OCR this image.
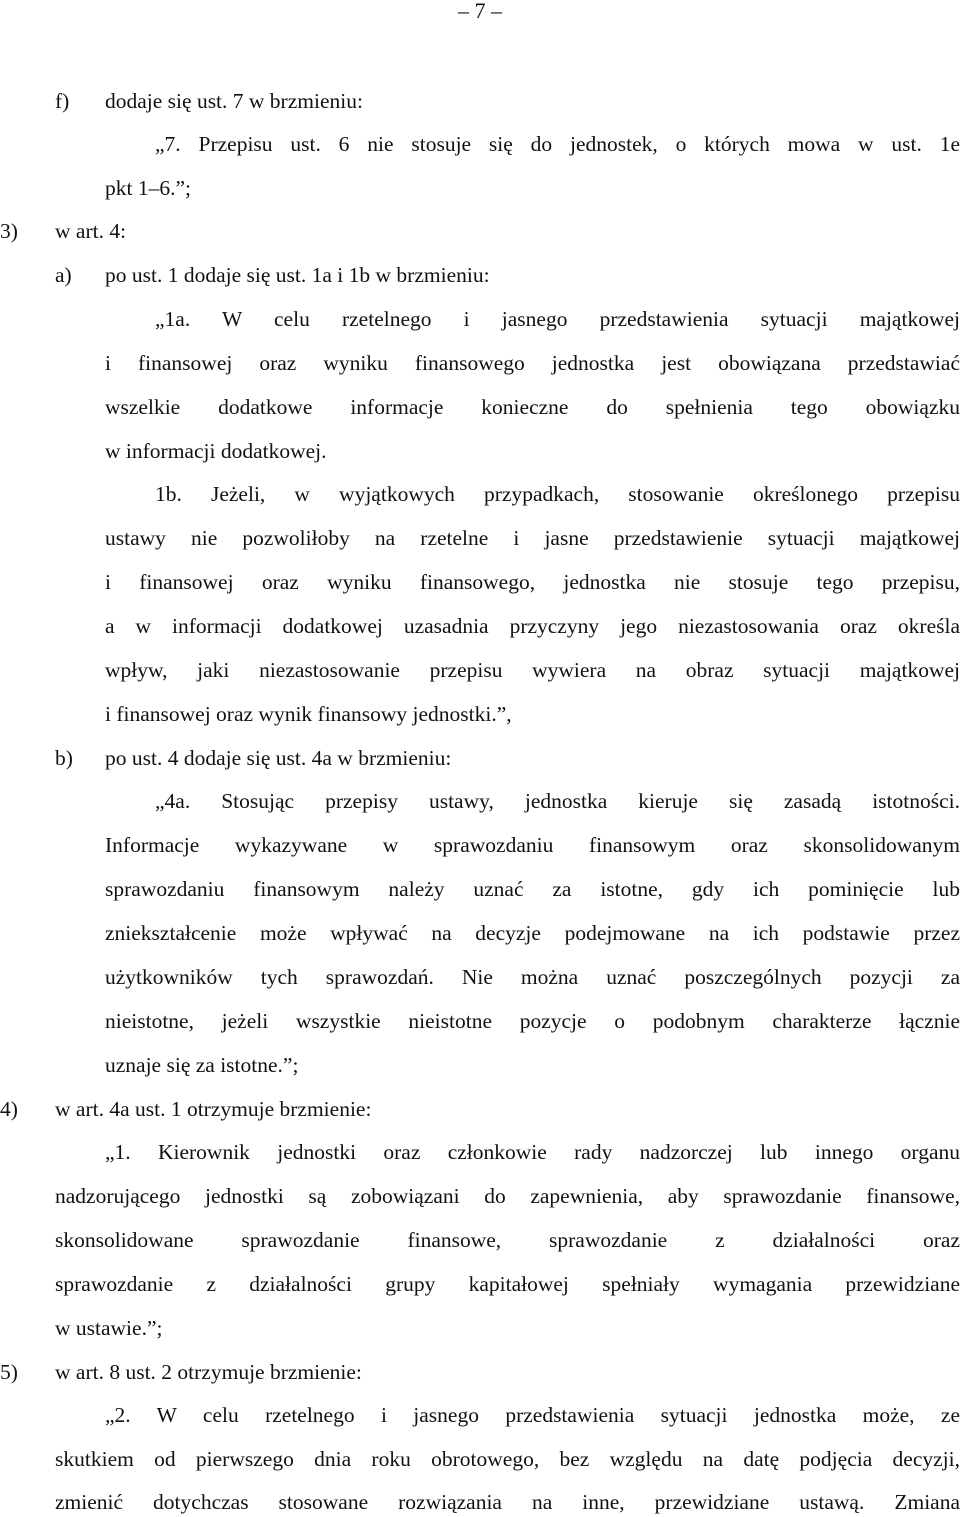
– 7 –
f) dodaje się ust. 7 w brzmieniu:
„7. Przepisu ust. 6 nie stosuje się do jednostek, o których mowa w ust. 1e
pkt 1–6.”;
3) w art. 4:
a) po ust. 1 dodaje się ust. 1a i 1b w brzmieniu:
„1a. W celu rzetelnego i jasnego przedstawienia sytuacji majątkowej
i finansowej oraz wyniku finansowego jednostka jest obowiązana przedstawiać
wszelkie dodatkowe informacje konieczne do spełnienia tego obowiązku
w informacji dodatkowej.
1b. Jeżeli, w wyjątkowych przypadkach, stosowanie określonego przepisu
ustawy nie pozwoliłoby na rzetelne i jasne przedstawienie sytuacji majątkowej
i finansowej oraz wyniku finansowego, jednostka nie stosuje tego przepisu,
a w informacji dodatkowej uzasadnia przyczyny jego niezastosowania oraz określa
wpływ, jaki niezastosowanie przepisu wywiera na obraz sytuacji majątkowej
i finansowej oraz wynik finansowy jednostki.”,
b) po ust. 4 dodaje się ust. 4a w brzmieniu:
„4a. Stosując przepisy ustawy, jednostka kieruje się zasadą istotności.
Informacje wykazywane w sprawozdaniu finansowym oraz skonsolidowanym
sprawozdaniu finansowym należy uznać za istotne, gdy ich pominięcie lub
zniekształcenie może wpływać na decyzje podejmowane na ich podstawie przez
użytkowników tych sprawozdań. Nie można uznać poszczególnych pozycji za
nieistotne, jeżeli wszystkie nieistotne pozycje o podobnym charakterze łącznie
uznaje się za istotne.”;
4) w art. 4a ust. 1 otrzymuje brzmienie:
„1. Kierownik jednostki oraz członkowie rady nadzorczej lub innego organu
nadzorującego jednostki są zobowiązani do zapewnienia, aby sprawozdanie finansowe,
skonsolidowane sprawozdanie finansowe, sprawozdanie z działalności oraz
sprawozdanie z działalności grupy kapitałowej spełniały wymagania przewidziane
w ustawie.”;
5) w art. 8 ust. 2 otrzymuje brzmienie:
„2. W celu rzetelnego i jasnego przedstawienia sytuacji jednostka może, ze
skutkiem od pierwszego dnia roku obrotowego, bez względu na datę podjęcia decyzji,
zmienić dotychczas stosowane rozwiązania na inne, przewidziane ustawą. Zmiana
